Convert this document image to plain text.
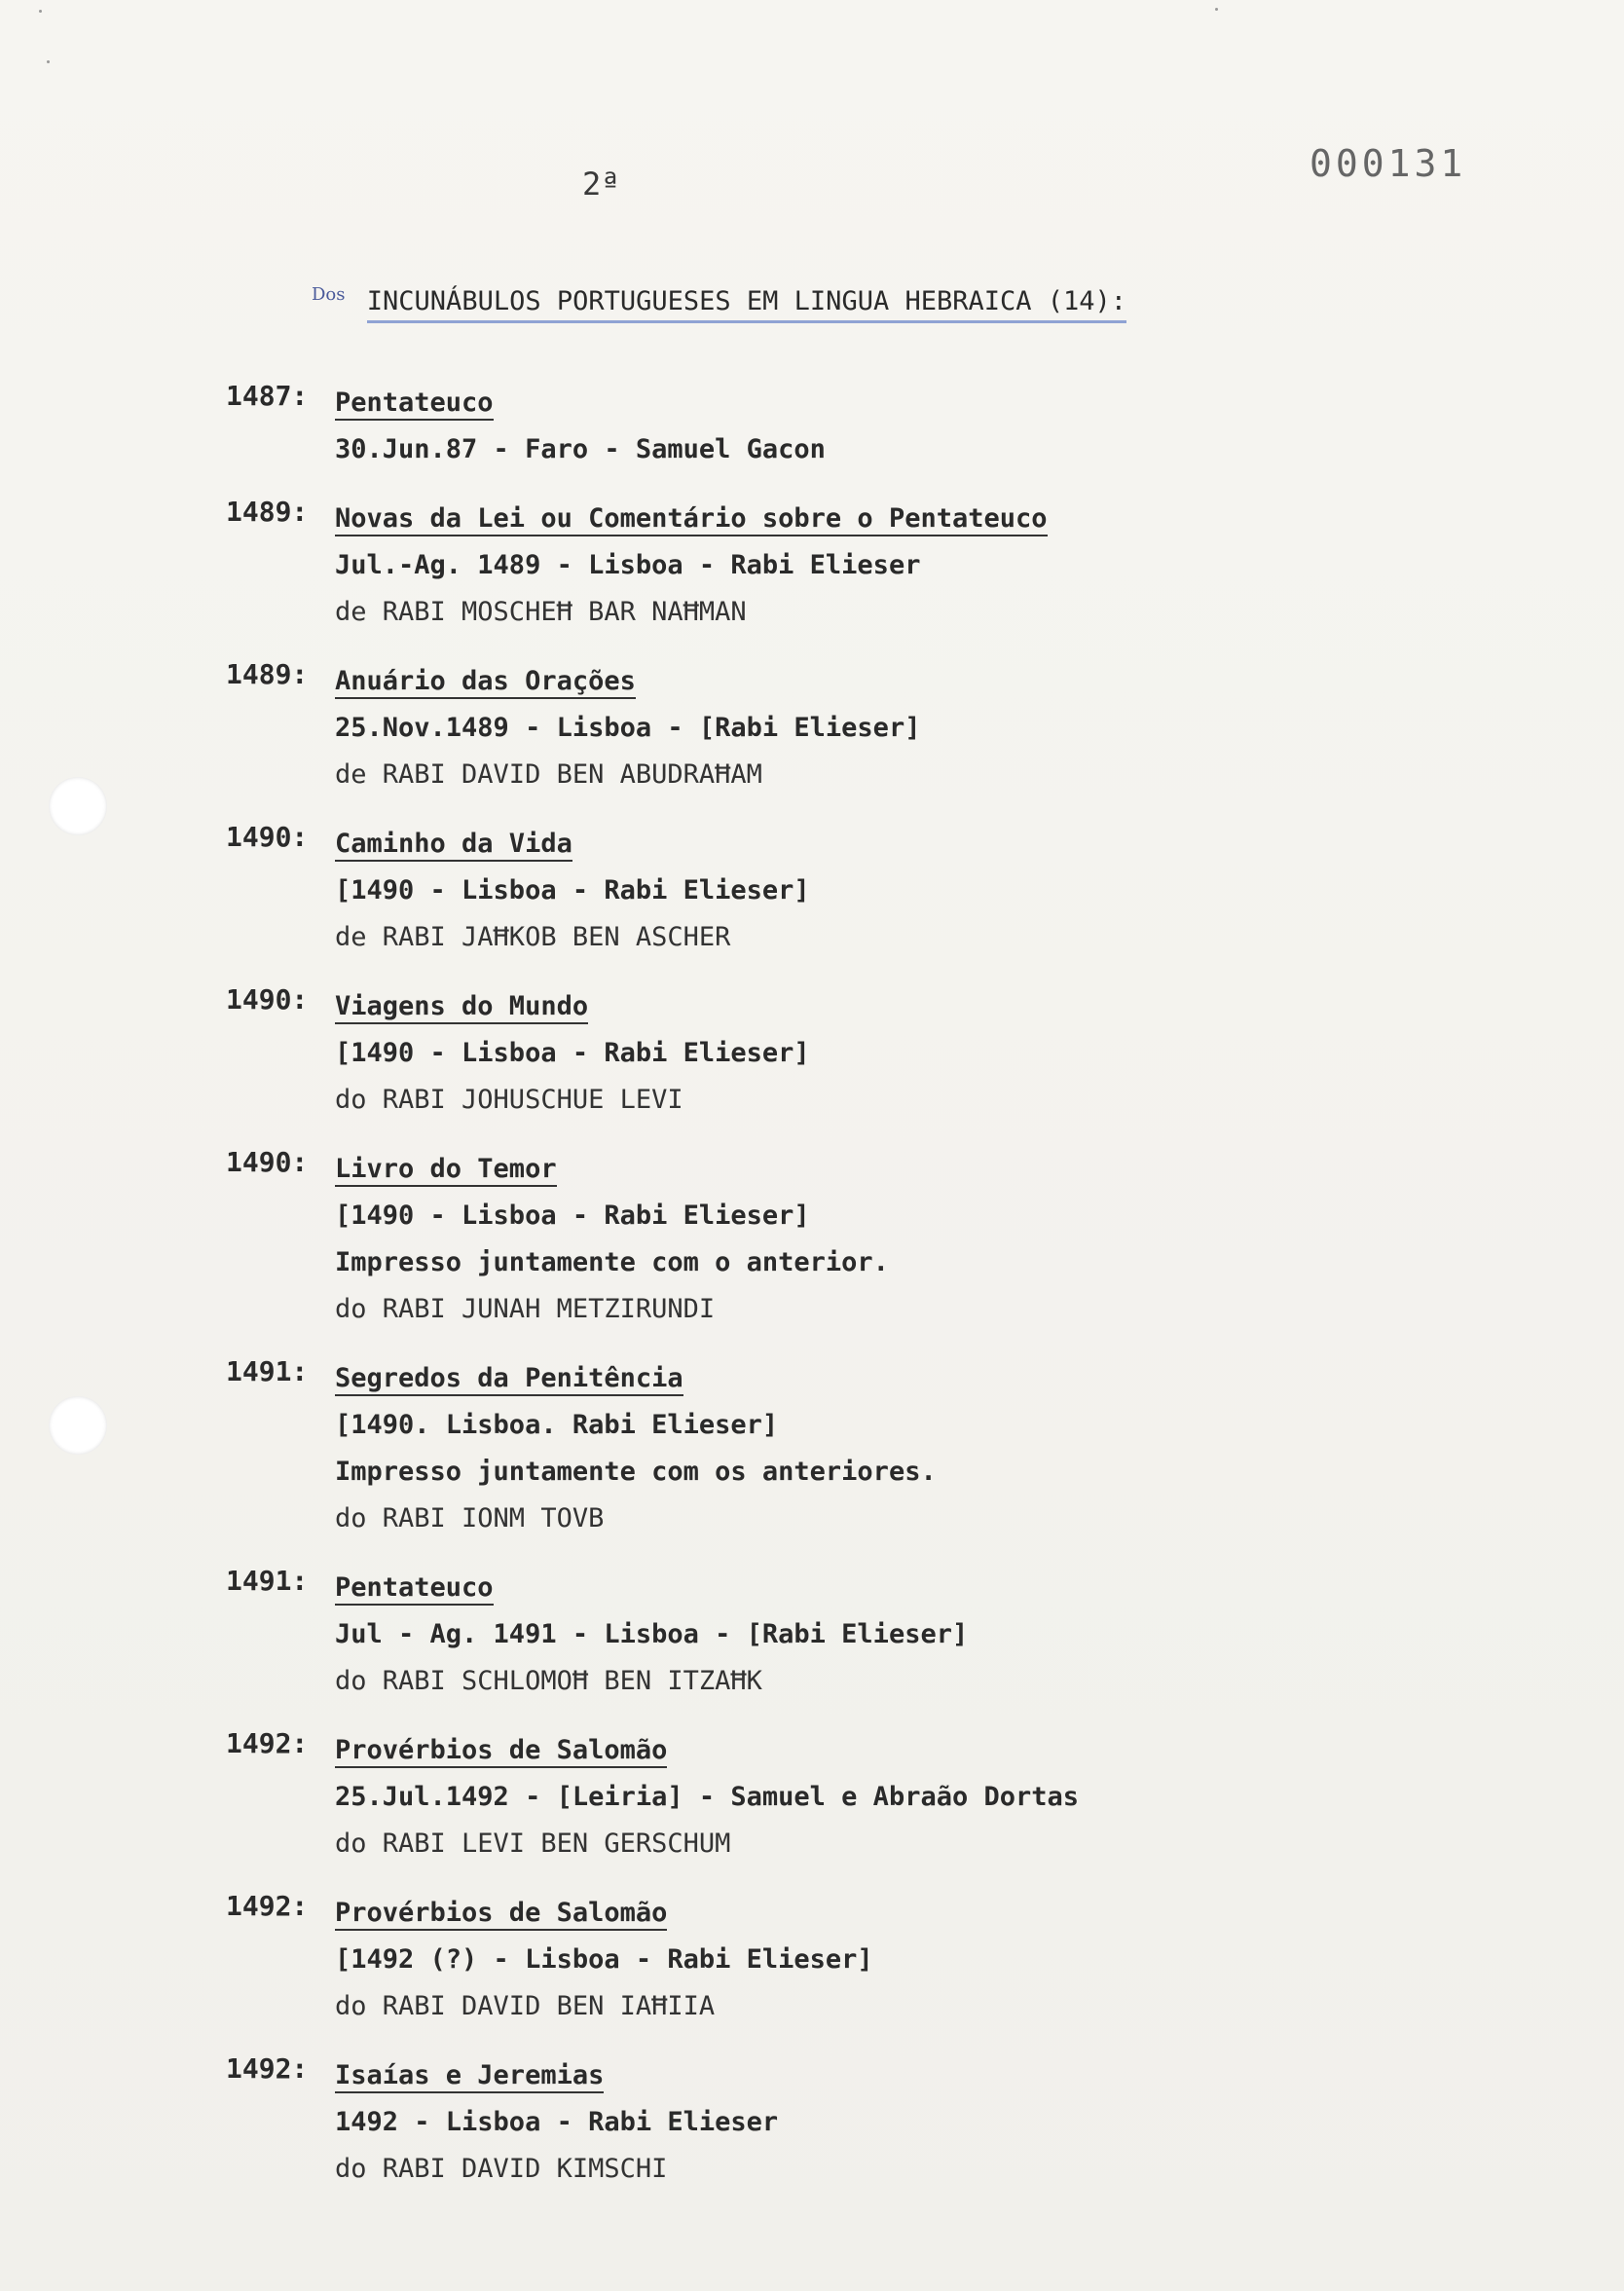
2ª	000131
$^{Dos}$ INCUNÁBULOS PORTUGUESES EM LINGUA HEBRAICA (14):
1487: Pentateuco
30.Jun.87 - Faro - Samuel Gacon
1489: Novas da Lei ou Comentário sobre o Pentateuco
Jul.-Ag. 1489 - Lisboa - Rabi Elieser
de RABI MOSCHEĦ BAR NAĦMAN
1489: Anuário das Orações
25.Nov.1489 - Lisboa - [Rabi Elieser]
de RABI DAVID BEN ABUDRAĦAM
1490: Caminho da Vida
[1490 - Lisboa - Rabi Elieser]
de RABI JAĦKOB BEN ASCHER
1490: Viagens do Mundo
[1490 - Lisboa - Rabi Elieser]
do RABI JOHUSCHUE LEVI
1490: Livro do Temor
[1490 - Lisboa - Rabi Elieser]
Impresso juntamente com o anterior.
do RABI JUNAH METZIRUNDI
1491: Segredos da Penitência
[1490. Lisboa. Rabi Elieser]
Impresso juntamente com os anteriores.
do RABI IONM TOVB
1491: Pentateuco
Jul - Ag. 1491 - Lisboa - [Rabi Elieser]
do RABI SCHLOMOĦ BEN ITZAĦK
1492: Provérbios de Salomão
25.Jul.1492 - [Leiria] - Samuel e Abraão Dortas
do RABI LEVI BEN GERSCHUM
1492: Provérbios de Salomão
[1492 (?) - Lisboa - Rabi Elieser]
do RABI DAVID BEN IAĦIIA
1492: Isaías e Jeremias
1492 - Lisboa - Rabi Elieser
do RABI DAVID KIMSCHI
